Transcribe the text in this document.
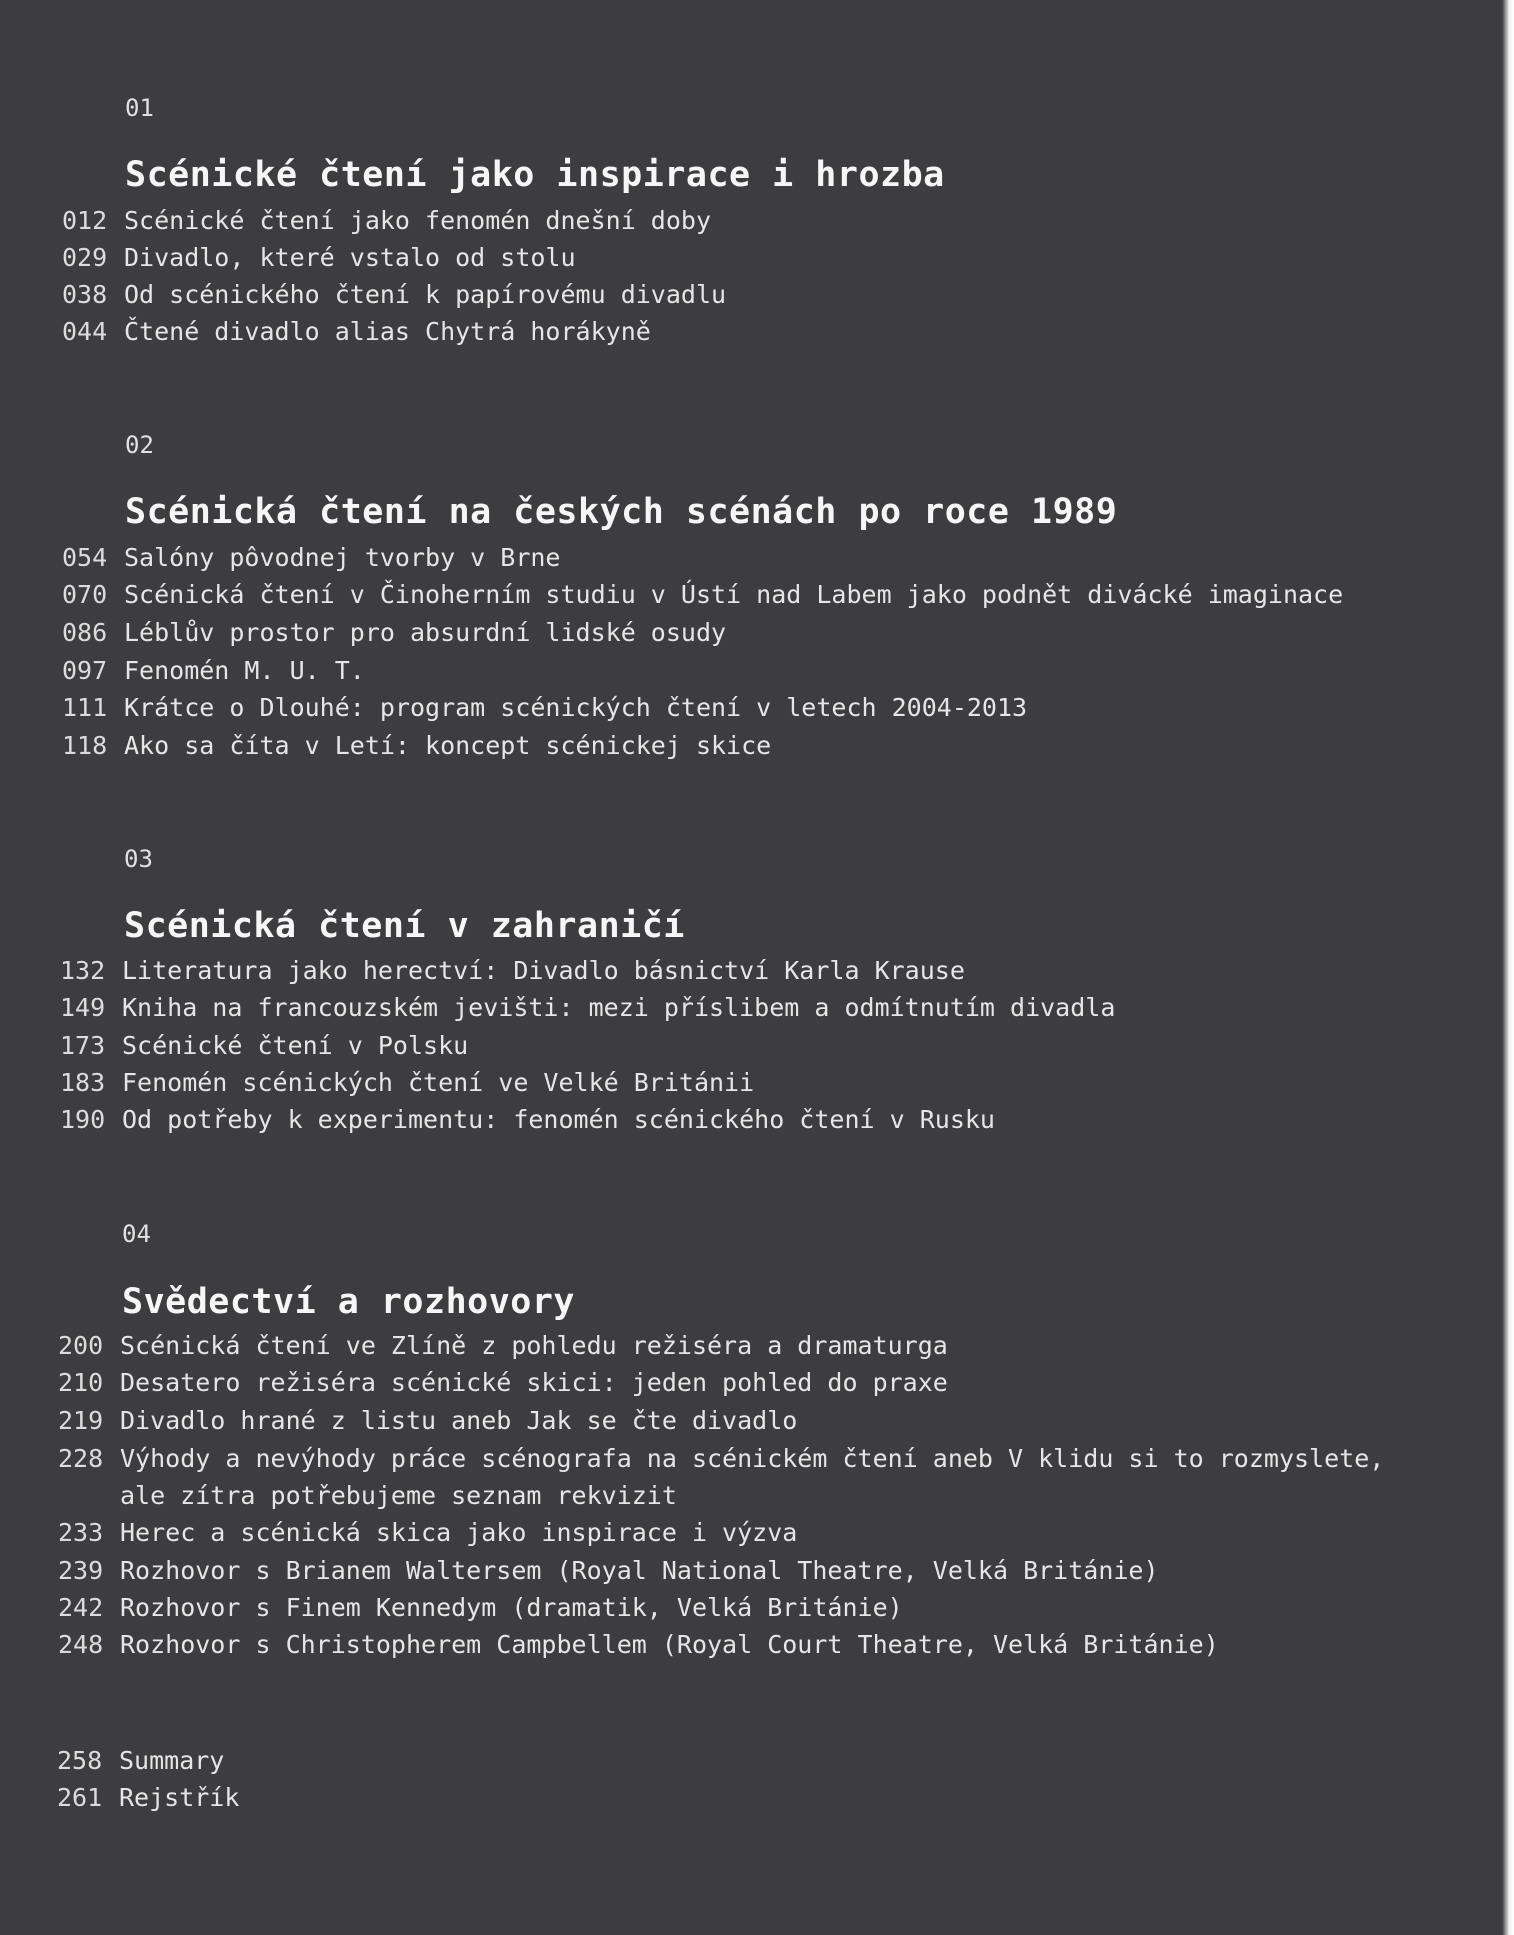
01
Scénické čtení jako inspirace i hrozba
012 Scénické čtení jako fenomén dnešní doby
029 Divadlo, které vstalo od stolu
038 Od scénického čtení k papírovému divadlu
044 Čtené divadlo alias Chytrá horákyně
02
Scénická čtení na českých scénách po roce 1989
054 Salóny pôvodnej tvorby v Brne
070 Scénická čtení v Činoherním studiu v Ústí nad Labem jako podnět divácké imaginace
086 Léblův prostor pro absurdní lidské osudy
097 Fenomén M. U. T.
111 Krátce o Dlouhé: program scénických čtení v letech 2004-2013
118 Ako sa číta v Letí: koncept scénickej skice
03
Scénická čtení v zahraničí
132 Literatura jako herectví: Divadlo básnictví Karla Krause
149 Kniha na francouzském jevišti: mezi příslibem a odmítnutím divadla
173 Scénické čtení v Polsku
183 Fenomén scénických čtení ve Velké Británii
190 Od potřeby k experimentu: fenomén scénického čtení v Rusku
04
Svědectví a rozhovory
200 Scénická čtení ve Zlíně z pohledu režiséra a dramaturga
210 Desatero režiséra scénické skici: jeden pohled do praxe
219 Divadlo hrané z listu aneb Jak se čte divadlo
228 Výhody a nevýhody práce scénografa na scénickém čtení aneb V klidu si to rozmyslete,
ale zítra potřebujeme seznam rekvizit
233 Herec a scénická skica jako inspirace i výzva
239 Rozhovor s Brianem Waltersem (Royal National Theatre, Velká Británie)
242 Rozhovor s Finem Kennedym (dramatik, Velká Británie)
248 Rozhovor s Christopherem Campbellem (Royal Court Theatre, Velká Británie)
258 Summary
261 Rejstřík
